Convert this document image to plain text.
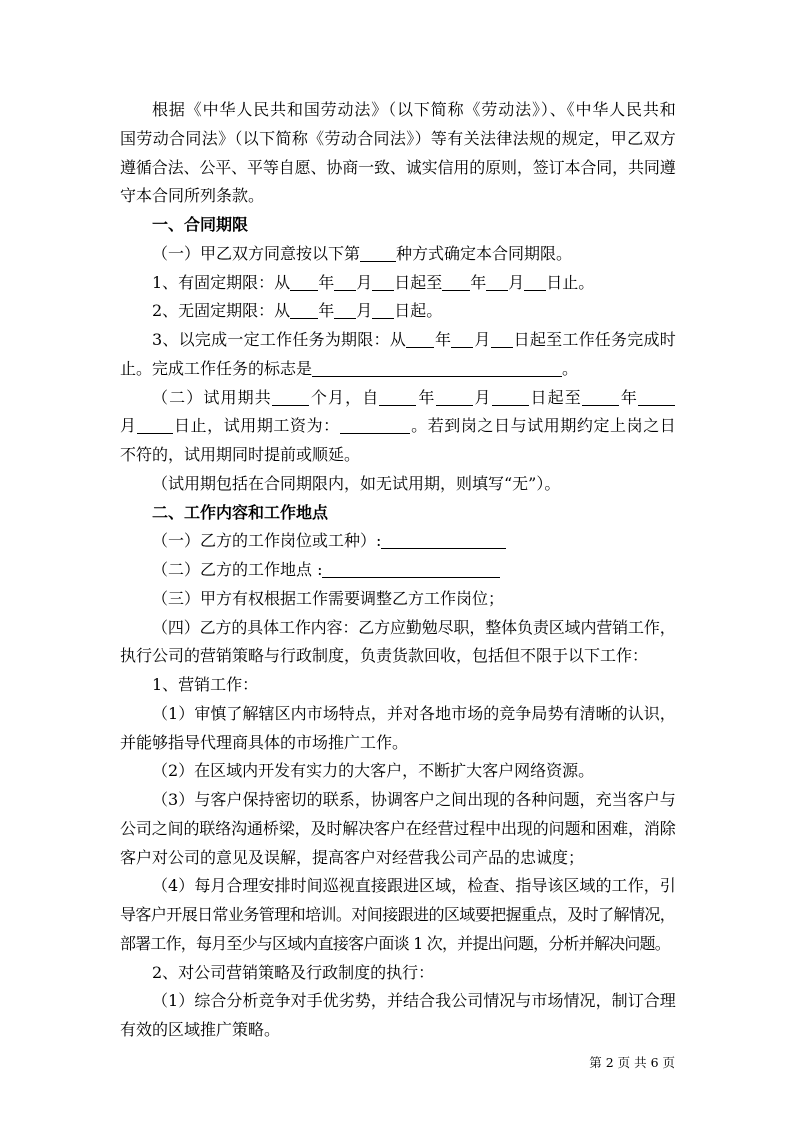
根据《中华人民共和国劳动法》（以下简称《劳动法》）、《中华人民共和
国劳动合同法》（以下简称《劳动合同法》）等有关法律法规的规定，甲乙双方
遵循合法、公平、平等自愿、协商一致、诚实信用的原则，签订本合同，共同遵
守本合同所列条款。
一、合同期限
（一）甲乙双方同意按以下第 种方式确定本合同期限。
1、有固定期限：从 年 月 日起至 年 月 日止。
2、无固定期限：从 年 月 日起。
3、以完成一定工作任务为期限：从 年 月 日起至工作任务完成时
止。完成工作任务的标志是	。
（二）试用期共 个月，自 年 月 日起至 年
月 日止，试用期工资为：	。若到岗之日与试用期约定上岗之日
不符的，试用期同时提前或顺延。
（试用期包括在合同期限内，如无试用期，则填写“无”）。
二、工作内容和工作地点
（一）乙方的工作岗位或工种）:
（二）乙方的工作地点 :
（三）甲方有权根据工作需要调整乙方工作岗位；
（四）乙方的具体工作内容：乙方应勤勉尽职，整体负责区域内营销工作，
执行公司的营销策略与行政制度，负责货款回收，包括但不限于以下工作：
1、营销工作：
（1）审慎了解辖区内市场特点，并对各地市场的竞争局势有清晰的认识，
并能够指导代理商具体的市场推广工作。
（2）在区域内开发有实力的大客户，不断扩大客户网络资源。
（3）与客户保持密切的联系，协调客户之间出现的各种问题，充当客户与
公司之间的联络沟通桥梁，及时解决客户在经营过程中出现的问题和困难，消除
客户对公司的意见及误解，提高客户对经营我公司产品的忠诚度；
（4）每月合理安排时间巡视直接跟进区域，检查、指导该区域的工作，引
导客户开展日常业务管理和培训。对间接跟进的区域要把握重点，及时了解情况，
部署工作，每月至少与区域内直接客户面谈 1 次，并提出问题，分析并解决问题。
2、对公司营销策略及行政制度的执行：
（1）综合分析竞争对手优劣势，并结合我公司情况与市场情况，制订合理
有效的区域推广策略。
第 2 页 共 6 页
